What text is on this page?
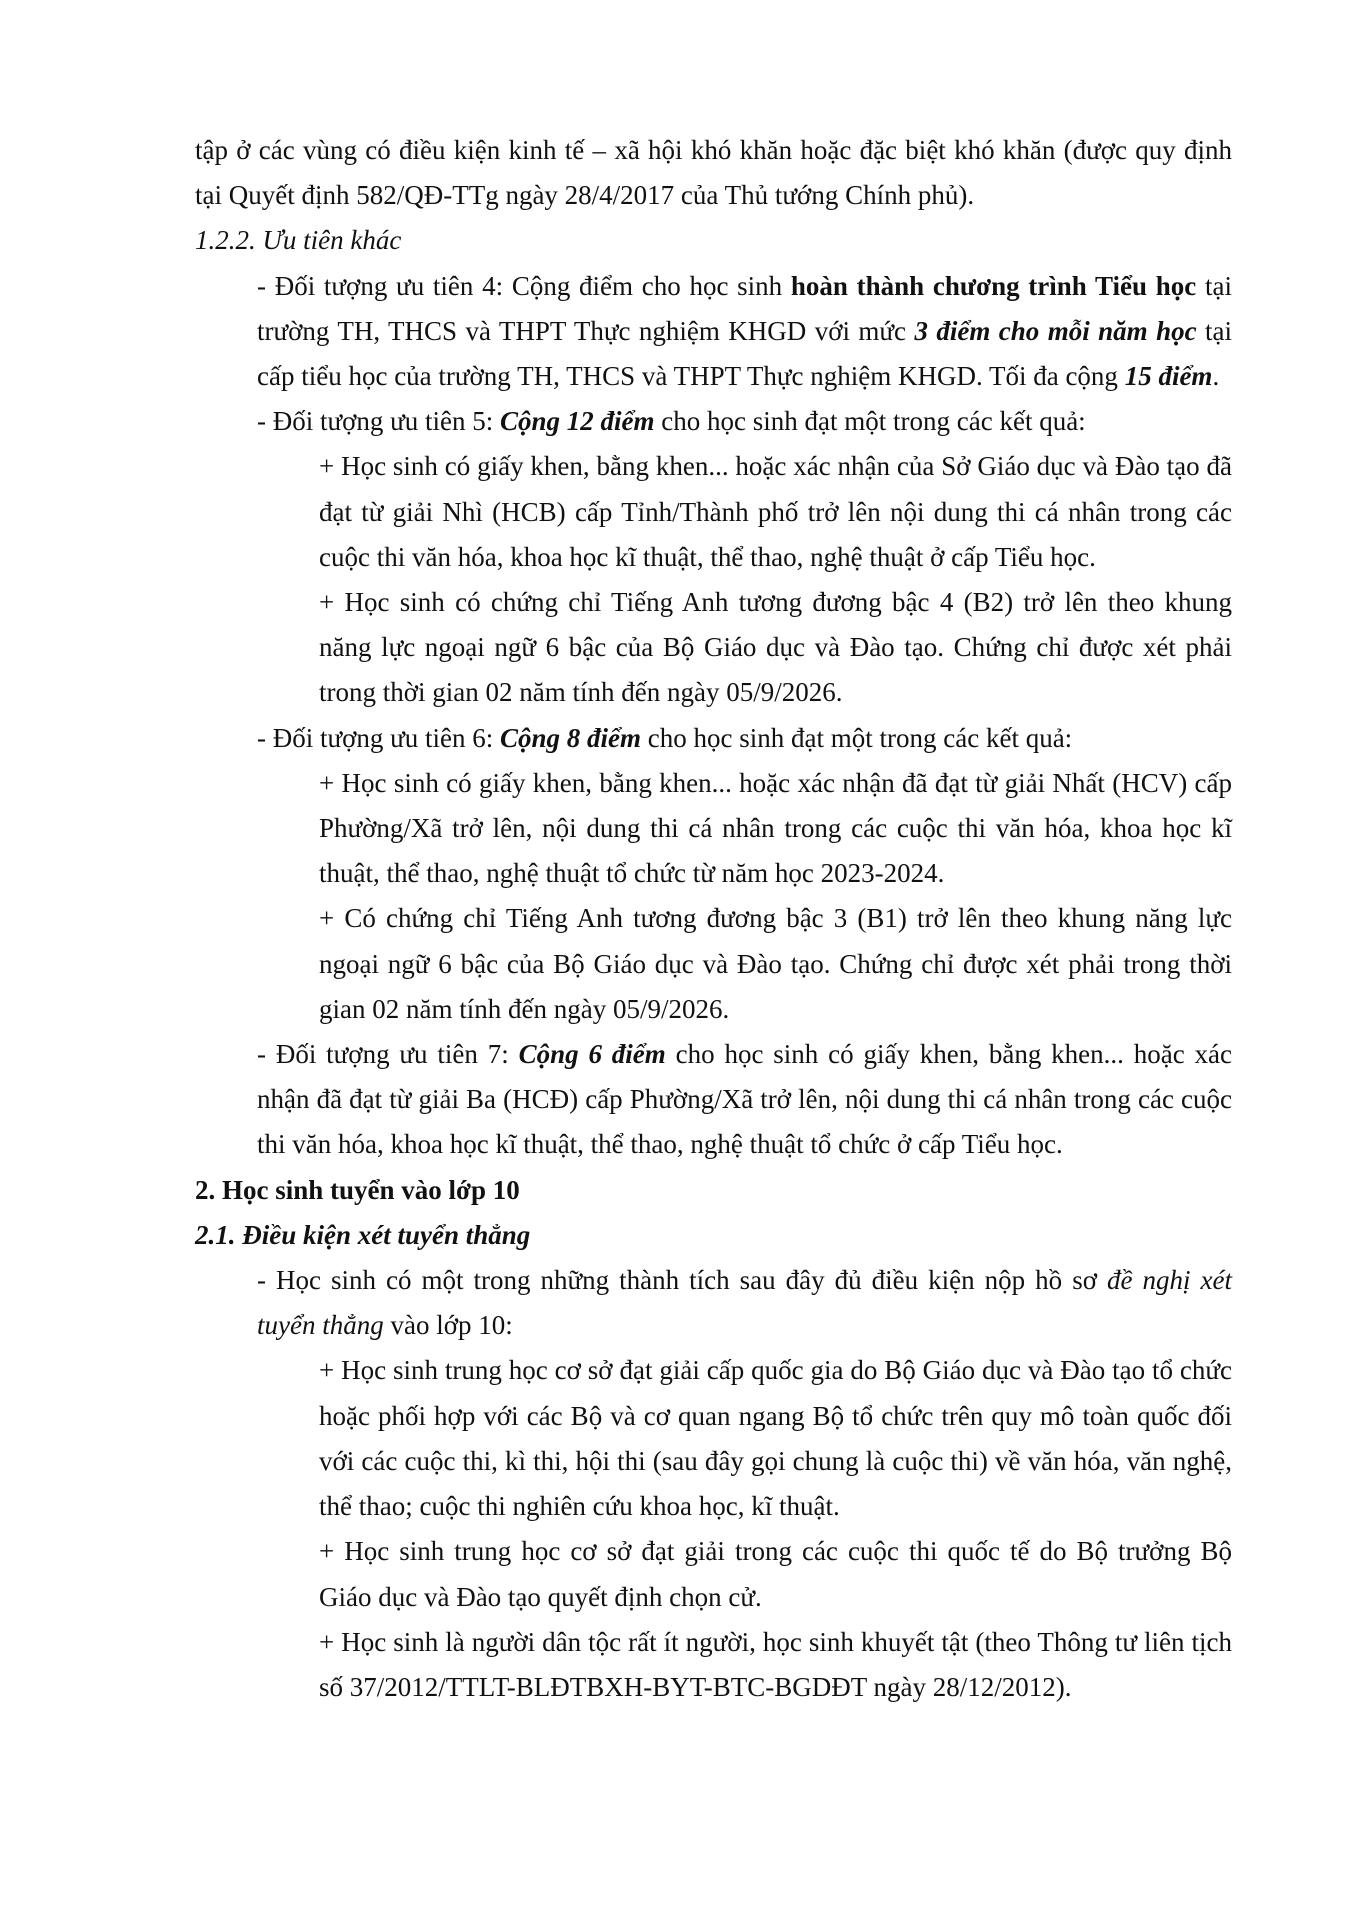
tập ở các vùng có điều kiện kinh tế – xã hội khó khăn hoặc đặc biệt khó khăn (được quy định tại Quyết định 582/QĐ-TTg ngày 28/4/2017 của Thủ tướng Chính phủ).

1.2.2. Ưu tiên khác

- Đối tượng ưu tiên 4: Cộng điểm cho học sinh hoàn thành chương trình Tiểu học tại trường TH, THCS và THPT Thực nghiệm KHGD với mức 3 điểm cho mỗi năm học tại cấp tiểu học của trường TH, THCS và THPT Thực nghiệm KHGD. Tối đa cộng 15 điểm.

- Đối tượng ưu tiên 5: Cộng 12 điểm cho học sinh đạt một trong các kết quả:

+ Học sinh có giấy khen, bằng khen... hoặc xác nhận của Sở Giáo dục và Đào tạo đã đạt từ giải Nhì (HCB) cấp Tỉnh/Thành phố trở lên nội dung thi cá nhân trong các cuộc thi văn hóa, khoa học kĩ thuật, thể thao, nghệ thuật ở cấp Tiểu học.

+ Học sinh có chứng chỉ Tiếng Anh tương đương bậc 4 (B2) trở lên theo khung năng lực ngoại ngữ 6 bậc của Bộ Giáo dục và Đào tạo. Chứng chỉ được xét phải trong thời gian 02 năm tính đến ngày 05/9/2026.

- Đối tượng ưu tiên 6: Cộng 8 điểm cho học sinh đạt một trong các kết quả:

+ Học sinh có giấy khen, bằng khen... hoặc xác nhận đã đạt từ giải Nhất (HCV) cấp Phường/Xã trở lên, nội dung thi cá nhân trong các cuộc thi văn hóa, khoa học kĩ thuật, thể thao, nghệ thuật tổ chức từ năm học 2023-2024.

+ Có chứng chỉ Tiếng Anh tương đương bậc 3 (B1) trở lên theo khung năng lực ngoại ngữ 6 bậc của Bộ Giáo dục và Đào tạo. Chứng chỉ được xét phải trong thời gian 02 năm tính đến ngày 05/9/2026.

- Đối tượng ưu tiên 7: Cộng 6 điểm cho học sinh có giấy khen, bằng khen... hoặc xác nhận đã đạt từ giải Ba (HCĐ) cấp Phường/Xã trở lên, nội dung thi cá nhân trong các cuộc thi văn hóa, khoa học kĩ thuật, thể thao, nghệ thuật tổ chức ở cấp Tiểu học.

2. Học sinh tuyển vào lớp 10

2.1. Điều kiện xét tuyển thẳng

- Học sinh có một trong những thành tích sau đây đủ điều kiện nộp hồ sơ đề nghị xét tuyển thẳng vào lớp 10:

+ Học sinh trung học cơ sở đạt giải cấp quốc gia do Bộ Giáo dục và Đào tạo tổ chức hoặc phối hợp với các Bộ và cơ quan ngang Bộ tổ chức trên quy mô toàn quốc đối với các cuộc thi, kì thi, hội thi (sau đây gọi chung là cuộc thi) về văn hóa, văn nghệ, thể thao; cuộc thi nghiên cứu khoa học, kĩ thuật.

+ Học sinh trung học cơ sở đạt giải trong các cuộc thi quốc tế do Bộ trưởng Bộ Giáo dục và Đào tạo quyết định chọn cử.

+ Học sinh là người dân tộc rất ít người, học sinh khuyết tật (theo Thông tư liên tịch số 37/2012/TTLT-BLĐTBXH-BYT-BTC-BGDĐT ngày 28/12/2012).
